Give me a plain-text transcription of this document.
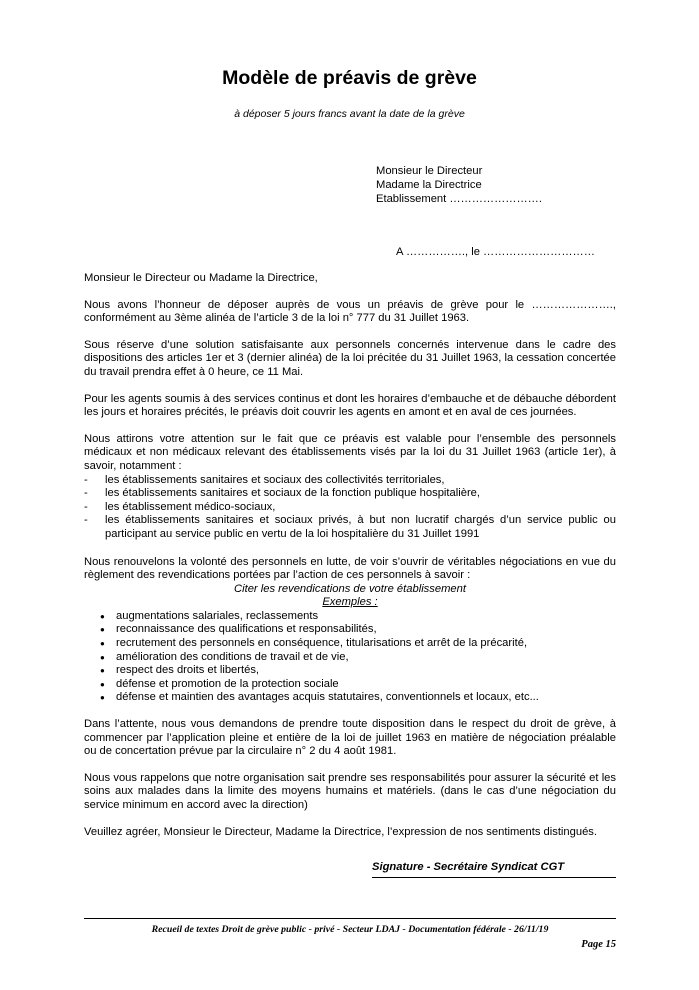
Modèle de préavis de grève
à déposer 5 jours francs avant la date de la grève
Monsieur le Directeur
Madame la Directrice
Etablissement …………………….
A ……………., le …………………………

Monsieur le Directeur ou Madame la Directrice,

Nous avons l’honneur de déposer auprès de vous un préavis de grève pour le …………………., conformément au 3ème alinéa de l’article 3 de la loi n° 777 du 31 Juillet 1963.

Sous réserve d’une solution satisfaisante aux personnels concernés intervenue dans le cadre des dispositions des articles 1er et 3 (dernier alinéa) de la loi précitée du 31 Juillet 1963, la cessation concertée du travail prendra effet à 0 heure, ce 11 Mai.

Pour les agents soumis à des services continus et dont les horaires d’embauche et de débauche débordent les jours et horaires précités, le préavis doit couvrir les agents en amont et en aval de ces journées.

Nous attirons votre attention sur le fait que ce préavis est valable pour l’ensemble des personnels médicaux et non médicaux relevant des établissements visés par la loi du 31 Juillet 1963 (article 1er), à savoir, notamment :

- les établissements sanitaires et sociaux des collectivités territoriales,
- les établissements sanitaires et sociaux de la fonction publique hospitalière,
- les établissement médico-sociaux,
- les établissements sanitaires et sociaux privés, à but non lucratif chargés d’un service public ou participant au service public en vertu de la loi hospitalière du 31 Juillet 1991

Nous renouvelons la volonté des personnels en lutte, de voir s’ouvrir de véritables négociations en vue du règlement des revendications portées par l’action de ces personnels à savoir :

Citer les revendications de votre établissement
Exemples :
● augmentations salariales, reclassements
● reconnaissance des qualifications et responsabilités,
● recrutement des personnels en conséquence, titularisations et arrêt de la précarité,
● amélioration des conditions de travail et de vie,
● respect des droits et libertés,
● défense et promotion de la protection sociale
● défense et maintien des avantages acquis statutaires, conventionnels et locaux, etc...

Dans l’attente, nous vous demandons de prendre toute disposition dans le respect du droit de grève, à commencer par l’application pleine et entière de la loi de juillet 1963 en matière de négociation préalable ou de concertation prévue par la circulaire n° 2 du 4 août 1981.

Nous vous rappelons que notre organisation sait prendre ses responsabilités pour assurer la sécurité et les soins aux malades dans la limite des moyens humains et matériels. (dans le cas d’une négociation du service minimum en accord avec la direction)

Veuillez agréer, Monsieur le Directeur, Madame la Directrice, l’expression de nos sentiments distingués.

Signature - Secrétaire Syndicat CGT
Recueil de textes Droit de grève public - privé - Secteur LDAJ - Documentation fédérale - 26/11/19
Page 15
